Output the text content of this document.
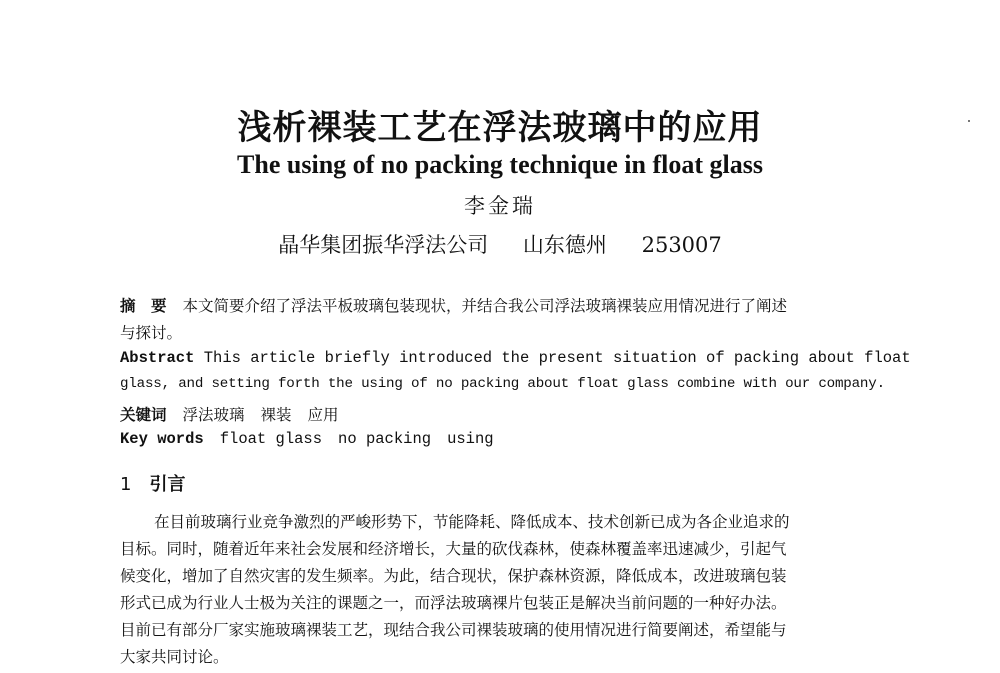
浅析裸装工艺在浮法玻璃中的应用
The using of no packing technique in float glass
李金瑞
晶华集团振华浮法公司 山东德州 253007
摘　要 本文简要介绍了浮法平板玻璃包装现状，并结合我公司浮法玻璃裸装应用情况进行了阐述
与探讨。
Abstract This article briefly introduced the present situation of packing about float
glass, and setting forth the using of no packing about float glass combine with our company.
关键词 浮法玻璃 裸装 应用
Key words float glass no packing using
1 引言
在目前玻璃行业竞争激烈的严峻形势下，节能降耗、降低成本、技术创新已成为各企业追求的
目标。同时，随着近年来社会发展和经济增长，大量的砍伐森林，使森林覆盖率迅速减少，引起气
候变化，增加了自然灾害的发生频率。为此，结合现状，保护森林资源，降低成本，改进玻璃包装
形式已成为行业人士极为关注的课题之一，而浮法玻璃裸片包装正是解决当前问题的一种好办法。
目前已有部分厂家实施玻璃裸装工艺，现结合我公司裸装玻璃的使用情况进行简要阐述，希望能与
大家共同讨论。
